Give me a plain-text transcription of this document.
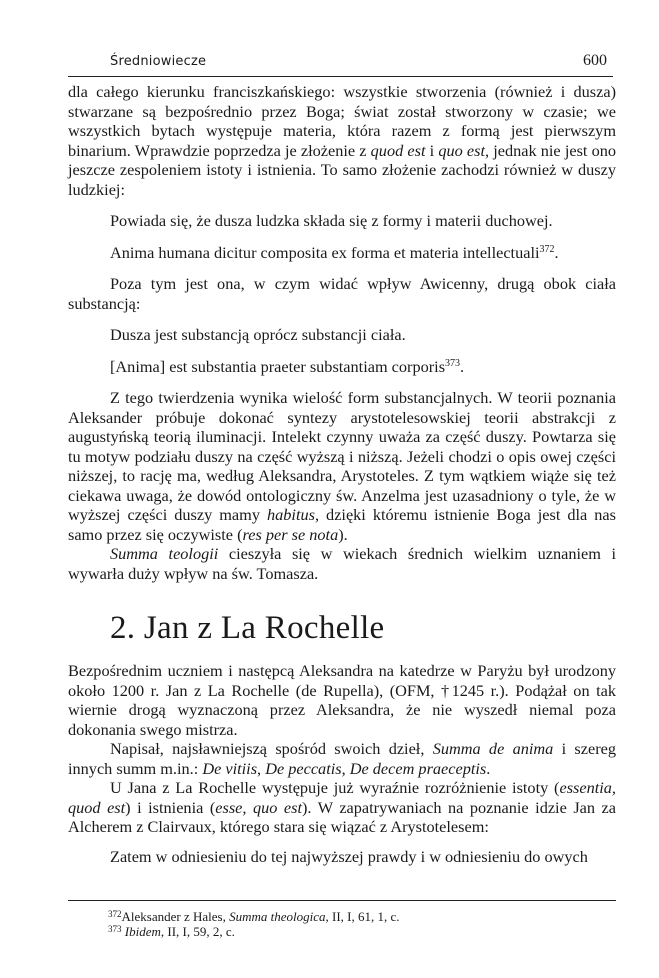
Średniowiecze	600

dla całego kierunku franciszkańskiego: wszystkie stworzenia (również i dusza) stwarzane są bezpośrednio przez Boga; świat został stworzony w czasie; we wszystkich bytach występuje materia, która razem z formą jest pierwszym binarium. Wprawdzie poprzedza je złożenie z quod est i quo est, jednak nie jest ono jeszcze zespoleniem istoty i istnienia. To samo złożenie zachodzi również w duszy ludzkiej:

Powiada się, że dusza ludzka składa się z formy i materii duchowej.

Anima humana dicitur composita ex forma et materia intellectuali$^{372}$.

Poza tym jest ona, w czym widać wpływ Awicenny, drugą obok ciała substancją:

Dusza jest substancją oprócz substancji ciała.

[Anima] est substantia praeter substantiam corporis$^{373}$.

Z tego twierdzenia wynika wielość form substancjalnych. W teorii poznania Aleksander próbuje dokonać syntezy arystotelesowskiej teorii abstrakcji z augustyńską teorią iluminacji. Intelekt czynny uważa za część duszy. Powtarza się tu motyw podziału duszy na część wyższą i niższą. Jeżeli chodzi o opis owej części niższej, to rację ma, według Aleksandra, Arystoteles. Z tym wątkiem wiąże się też ciekawa uwaga, że dowód ontologiczny św. Anzelma jest uzasadniony o tyle, że w wyższej części duszy mamy habitus, dzięki któremu istnienie Boga jest dla nas samo przez się oczywiste (res per se nota).

Summa teologii cieszyła się w wiekach średnich wielkim uznaniem i wywarła duży wpływ na św. Tomasza.

2. Jan z La Rochelle

Bezpośrednim uczniem i następcą Aleksandra na katedrze w Paryżu był urodzony około 1200 r. Jan z La Rochelle (de Rupella), (OFM, †1245 r.). Podążał on tak wiernie drogą wyznaczoną przez Aleksandra, że nie wyszedł niemal poza dokonania swego mistrza.

Napisał, najsławniejszą spośród swoich dzieł, Summa de anima i szereg innych summ m.in.: De vitiis, De peccatis, De decem praeceptis.

U Jana z La Rochelle występuje już wyraźnie rozróżnienie istoty (essentia, quod est) i istnienia (esse, quo est). W zapatrywaniach na poznanie idzie Jan za Alcherem z Clairvaux, którego stara się wiązać z Arystotelesem:

Zatem w odniesieniu do tej najwyższej prawdy i w odniesieniu do owych

$^{372}$Aleksander z Hales, Summa theologica, II, I, 61, 1, c.

$^{373}$ Ibidem, II, I, 59, 2, c.
